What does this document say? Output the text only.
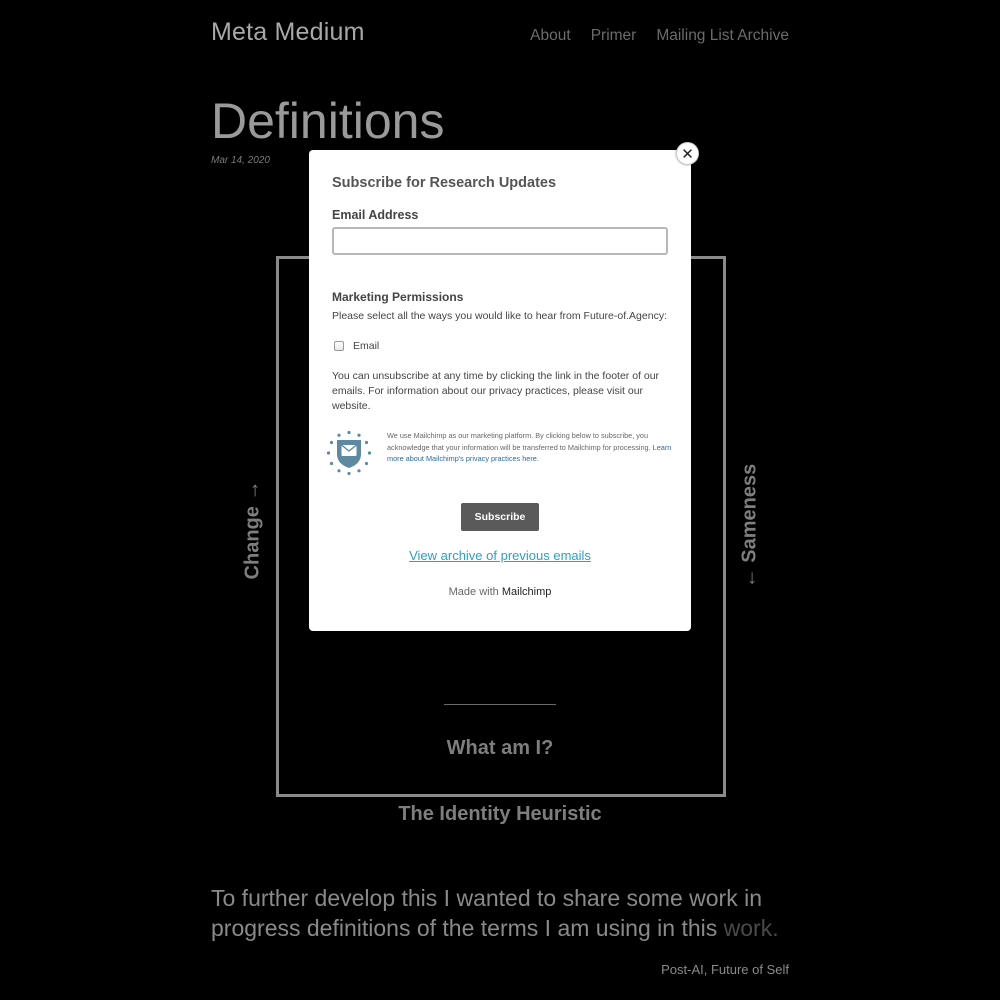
Meta Medium	About Primer Mailing List Archive
Definitions
Mar 14, 2020
Change →	← Sameness
What am I?
The Identity Heuristic

To further develop this I wanted to share some work in progress definitions of the terms I am using in this work.

Post-AI, Future of Self
Subscribe for Research Updates
Email Address
Marketing Permissions
Please select all the ways you would like to hear from Future-of.Agency:
Email
You can unsubscribe at any time by clicking the link in the footer of our emails. For information about our privacy practices, please visit our website.
We use Mailchimp as our marketing platform. By clicking below to subscribe, you acknowledge that your information will be transferred to Mailchimp for processing. Learn more about Mailchimp's privacy practices here.
Subscribe
View archive of previous emails
Made with Mailchimp
✕
